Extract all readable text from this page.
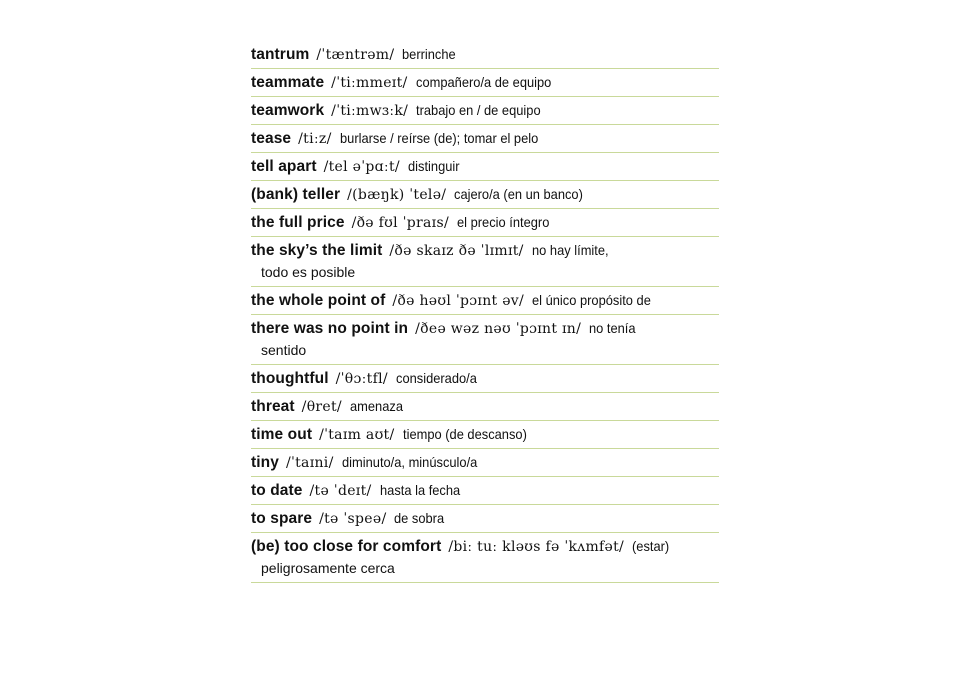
tantrum /ˈtæntrəm/ berrinche
teammate /ˈtiːmmeɪt/ compañero/a de equipo
teamwork /ˈtiːmwɜːk/ trabajo en / de equipo
tease /tiːz/ burlarse / reírse (de); tomar el pelo
tell apart /tel əˈpɑːt/ distinguir
(bank) teller /(bæŋk) ˈtelə/ cajero/a (en un banco)
the full price /ðə fʊl ˈpraɪs/ el precio íntegro
the sky’s the limit /ðə skaɪz ðə ˈlɪmɪt/ no hay límite,
todo es posible
the whole point of /ðə həʊl ˈpɔɪnt əv/ el único propósito de
there was no point in /ðeə wəz nəʊ ˈpɔɪnt ɪn/ no tenía
sentido
thoughtful /ˈθɔːtfl/ considerado/a
threat /θret/ amenaza
time out /ˈtaɪm aʊt/ tiempo (de descanso)
tiny /ˈtaɪni/ diminuto/a, minúsculo/a
to date /tə ˈdeɪt/ hasta la fecha
to spare /tə ˈspeə/ de sobra
(be) too close for comfort /biː tuː kləʊs fə ˈkʌmfət/ (estar)
peligrosamente cerca
